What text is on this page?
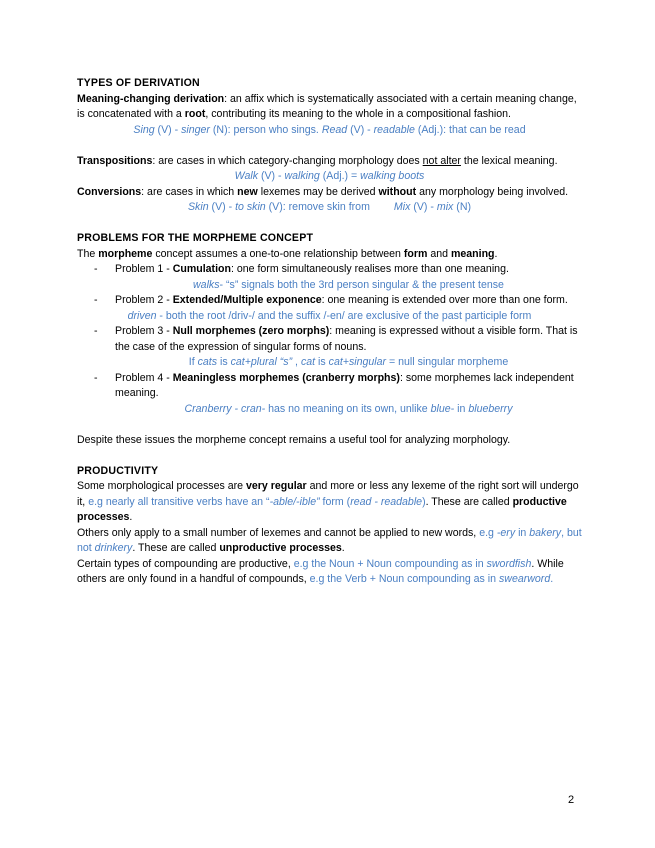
TYPES OF DERIVATION

Meaning-changing derivation: an affix which is systematically associated with a certain meaning change, is concatenated with a root, contributing its meaning to the whole in a compositional fashion.

Sing (V) - singer (N): person who sings. Read (V) - readable (Adj.): that can be read

Transpositions: are cases in which category-changing morphology does not alter the lexical meaning.

Walk (V) - walking (Adj.) = walking boots

Conversions: are cases in which new lexemes may be derived without any morphology being involved.

Skin (V) - to skin (V): remove skin from Mix (V) - mix (N)

PROBLEMS FOR THE MORPHEME CONCEPT

The morpheme concept assumes a one-to-one relationship between form and meaning.

- Problem 1 - Cumulation: one form simultaneously realises more than one meaning.

walks- “s” signals both the 3rd person singular & the present tense

- Problem 2 - Extended/Multiple exponence: one meaning is extended over more than one form.

driven - both the root /driv-/ and the suffix /-en/ are exclusive of the past participle form

- Problem 3 - Null morphemes (zero morphs): meaning is expressed without a visible form. That is the case of the expression of singular forms of nouns.

If cats is cat+plural “s” , cat is cat+singular = null singular morpheme

- Problem 4 - Meaningless morphemes (cranberry morphs): some morphemes lack independent meaning.

Cranberry - cran- has no meaning on its own, unlike blue- in blueberry

Despite these issues the morpheme concept remains a useful tool for analyzing morphology.

PRODUCTIVITY

Some morphological processes are very regular and more or less any lexeme of the right sort will undergo it, e.g nearly all transitive verbs have an “-able/-ible” form (read - readable). These are called productive processes.

Others only apply to a small number of lexemes and cannot be applied to new words, e.g -ery in bakery, but not drinkery. These are called unproductive processes.

Certain types of compounding are productive, e.g the Noun + Noun compounding as in swordfish. While others are only found in a handful of compounds, e.g the Verb + Noun compounding as in swearword.

2
